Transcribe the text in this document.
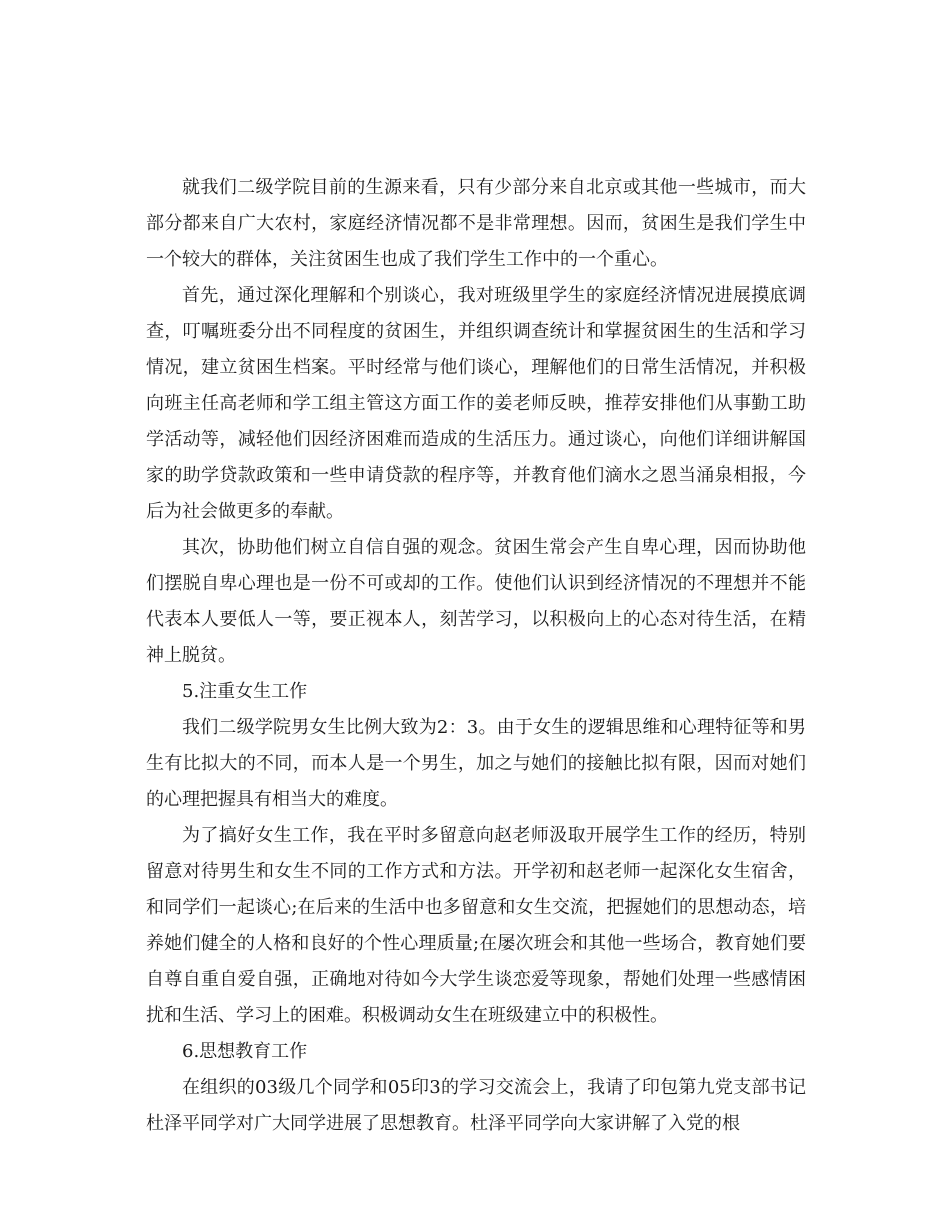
就我们二级学院目前的生源来看，只有少部分来自北京或其他一些城市，而大部分都来自广大农村，家庭经济情况都不是非常理想。因而，贫困生是我们学生中一个较大的群体，关注贫困生也成了我们学生工作中的一个重心。

首先，通过深化理解和个别谈心，我对班级里学生的家庭经济情况进展摸底调查，叮嘱班委分出不同程度的贫困生，并组织调查统计和掌握贫困生的生活和学习情况，建立贫困生档案。平时经常与他们谈心，理解他们的日常生活情况，并积极向班主任高老师和学工组主管这方面工作的姜老师反映，推荐安排他们从事勤工助学活动等，减轻他们因经济困难而造成的生活压力。通过谈心，向他们详细讲解国家的助学贷款政策和一些申请贷款的程序等，并教育他们滴水之恩当涌泉相报，今后为社会做更多的奉献。

其次，协助他们树立自信自强的观念。贫困生常会产生自卑心理，因而协助他们摆脱自卑心理也是一份不可或却的工作。使他们认识到经济情况的不理想并不能代表本人要低人一等，要正视本人，刻苦学习，以积极向上的心态对待生活，在精神上脱贫。

5.注重女生工作

我们二级学院男女生比例大致为2：3。由于女生的逻辑思维和心理特征等和男生有比拟大的不同，而本人是一个男生，加之与她们的接触比拟有限，因而对她们的心理把握具有相当大的难度。

为了搞好女生工作，我在平时多留意向赵老师汲取开展学生工作的经历，特别留意对待男生和女生不同的工作方式和方法。开学初和赵老师一起深化女生宿舍，和同学们一起谈心;在后来的生活中也多留意和女生交流，把握她们的思想动态，培养她们健全的人格和良好的个性心理质量;在屡次班会和其他一些场合，教育她们要自尊自重自爱自强，正确地对待如今大学生谈恋爱等现象，帮她们处理一些感情困扰和生活、学习上的困难。积极调动女生在班级建立中的积极性。

6.思想教育工作

在组织的03级几个同学和05印3的学习交流会上，我请了印包第九党支部书记杜泽平同学对广大同学进展了思想教育。杜泽平同学向大家讲解了入党的根
